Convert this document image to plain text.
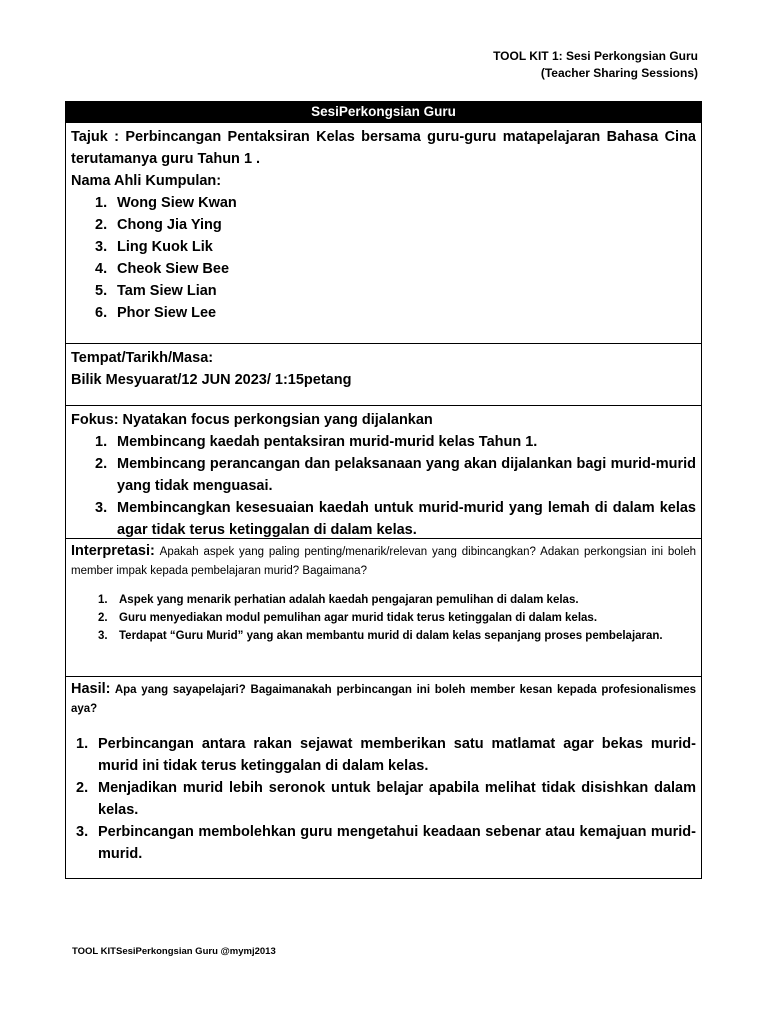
TOOL KIT 1: Sesi Perkongsian Guru
(Teacher Sharing Sessions)
SesiPerkongsian Guru
Tajuk : Perbincangan Pentaksiran Kelas bersama guru-guru matapelajaran Bahasa Cina terutamanya guru Tahun 1 .
Nama Ahli Kumpulan:
1. Wong Siew Kwan
2. Chong Jia Ying
3. Ling Kuok Lik
4. Cheok Siew Bee
5. Tam Siew Lian
6. Phor Siew Lee
Tempat/Tarikh/Masa:
Bilik Mesyuarat/12 JUN 2023/ 1:15petang
Fokus: Nyatakan focus perkongsian yang dijalankan
1. Membincang kaedah pentaksiran murid-murid kelas Tahun 1.
2. Membincang perancangan dan pelaksanaan yang akan dijalankan bagi murid-murid yang tidak menguasai.
3. Membincangkan kesesuaian kaedah untuk murid-murid yang lemah di dalam kelas agar tidak terus ketinggalan di dalam kelas.
Interpretasi: Apakah aspek yang paling penting/menarik/relevan yang dibincangkan? Adakan perkongsian ini boleh member impak kepada pembelajaran murid? Bagaimana?
1. Aspek yang menarik perhatian adalah kaedah pengajaran pemulihan di dalam kelas.
2. Guru menyediakan modul pemulihan agar murid tidak terus ketinggalan di dalam kelas.
3. Terdapat “Guru Murid” yang akan membantu murid di dalam kelas sepanjang proses pembelajaran.
Hasil: Apa yang sayapelajari? Bagaimanakah perbincangan ini boleh member kesan kepada profesionalismes aya?
1. Perbincangan antara rakan sejawat memberikan satu matlamat agar bekas murid-murid ini tidak terus ketinggalan di dalam kelas.
2. Menjadikan murid lebih seronok untuk belajar apabila melihat tidak disishkan dalam kelas.
3. Perbincangan membolehkan guru mengetahui keadaan sebenar atau kemajuan murid-murid.
TOOL KITSesiPerkongsian Guru @mymj2013
